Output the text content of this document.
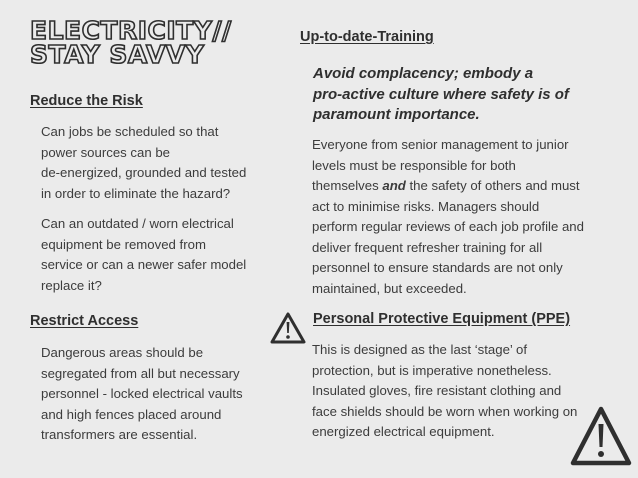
ELECTRICITY//
STAY SAVVY
Reduce the Risk
Can jobs be scheduled so that
power sources can be
de-energized, grounded and tested
in order to eliminate the hazard?
Can an outdated / worn electrical
equipment be removed from
service or can a newer safer model
replace it?
Restrict Access
Dangerous areas should be
segregated from all but necessary
personnel - locked electrical vaults
and high fences placed around
transformers are essential.
Up-to-date-Training
Avoid complacency; embody a
pro-active culture where safety is of
paramount importance.
Everyone from senior management to junior
levels must be responsible for both
themselves and the safety of others and must
act to minimise risks. Managers should
perform regular reviews of each job profile and
deliver frequent refresher training for all
personnel to ensure standards are not only
maintained, but exceeded.
Personal Protective Equipment (PPE)
This is designed as the last ‘stage’ of
protection, but is imperative nonetheless.
Insulated gloves, fire resistant clothing and
face shields should be worn when working on
energized electrical equipment.
